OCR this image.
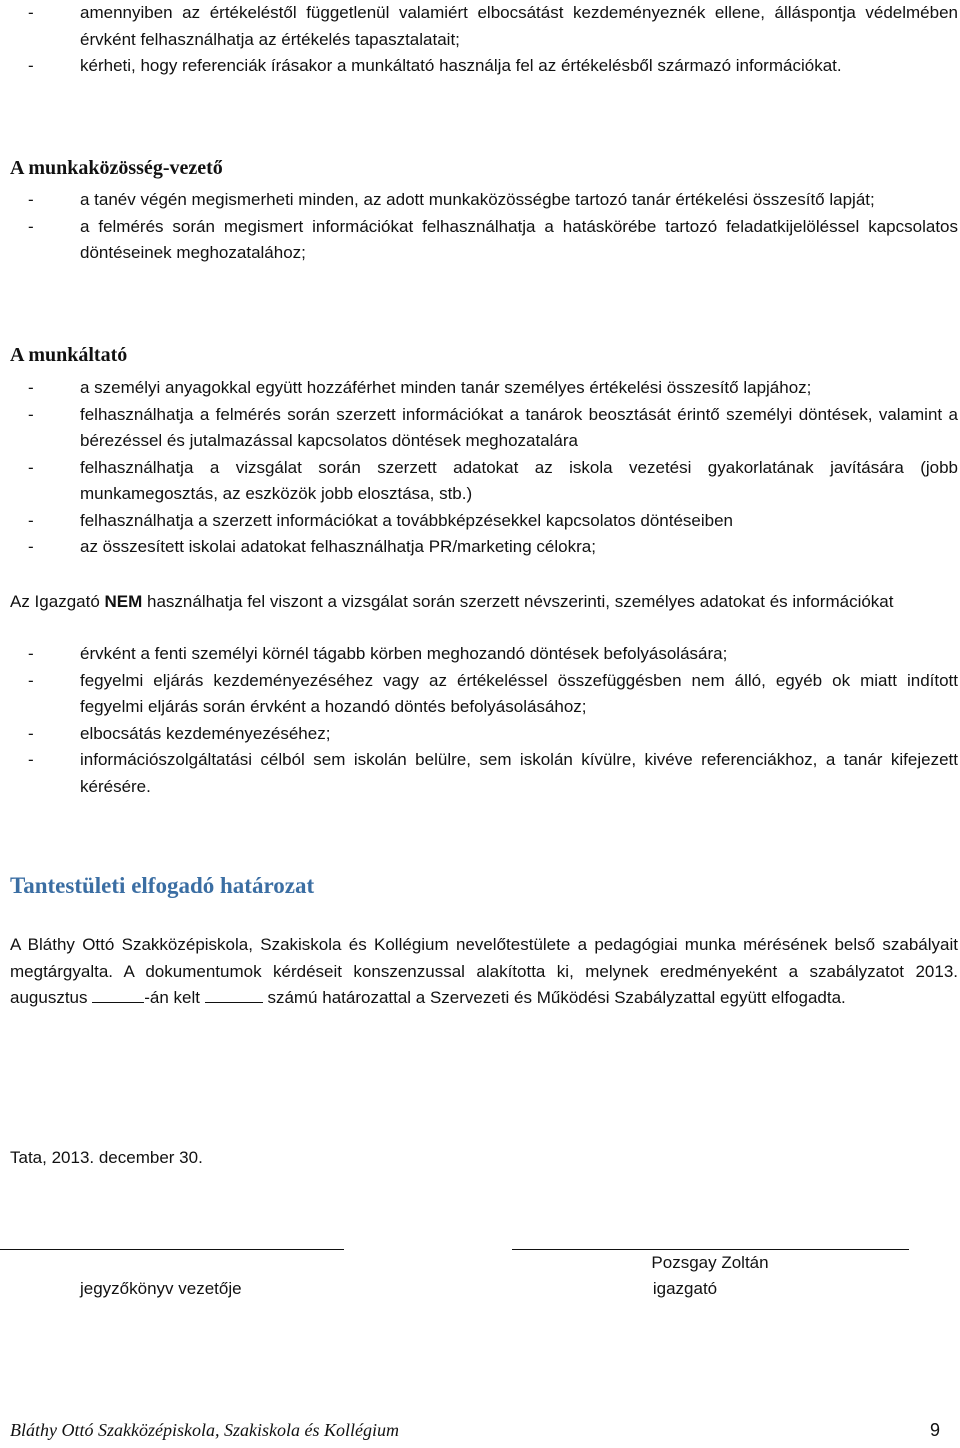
-	amennyiben az értékeléstől függetlenül valamiért elbocsátást kezdeményeznék ellene, álláspontja védelmében érvként felhasználhatja az értékelés tapasztalatait;
-	kérheti, hogy referenciák írásakor a munkáltató használja fel az értékelésből származó információkat.
A munkaközösség-vezető
-	a tanév végén megismerheti minden, az adott munkaközösségbe tartozó tanár értékelési összesítő lapját;
-	a felmérés során megismert információkat felhasználhatja a hatáskörébe tartozó feladatkijelöléssel kapcsolatos döntéseinek meghozatalához;
A munkáltató
-	a személyi anyagokkal együtt hozzáférhet minden tanár személyes értékelési összesítő lapjához;
-	felhasználhatja a felmérés során szerzett információkat a tanárok beosztását érintő személyi döntések, valamint a bérezéssel és jutalmazással kapcsolatos döntések meghozatalára
-	felhasználhatja a vizsgálat során szerzett adatokat az iskola vezetési gyakorlatának javítására (jobb munkamegosztás, az eszközök jobb elosztása, stb.)
-	felhasználhatja a szerzett információkat a továbbképzésekkel kapcsolatos döntéseiben
-	az összesített iskolai adatokat felhasználhatja PR/marketing célokra;

Az Igazgató NEM használhatja fel viszont a vizsgálat során szerzett névszerinti, személyes adatokat és információkat

-	érvként a fenti személyi körnél tágabb körben meghozandó döntések befolyásolására;
-	fegyelmi eljárás kezdeményezéséhez vagy az értékeléssel összefüggésben nem álló, egyéb ok miatt indított fegyelmi eljárás során érvként a hozandó döntés befolyásolásához;
-	elbocsátás kezdeményezéséhez;
-	információszolgáltatási célból sem iskolán belülre, sem iskolán kívülre, kivéve referenciákhoz, a tanár kifejezett kérésére.
Tantestületi elfogadó határozat

A Bláthy Ottó Szakközépiskola, Szakiskola és Kollégium nevelőtestülete a pedagógiai munka mérésének belső szabályait megtárgyalta. A dokumentumok kérdéseit konszenzussal alakította ki, melynek eredményeként a szabályzatot 2013. augusztus	-án kelt	számú határozattal a Szervezeti és Működési Szabályzattal együtt elfogadta.

Tata, 2013. december 30.

jegyzőkönyv vezetője
Pozsgay Zoltán
igazgató
Bláthy Ottó Szakközépiskola, Szakiskola és Kollégium	9
